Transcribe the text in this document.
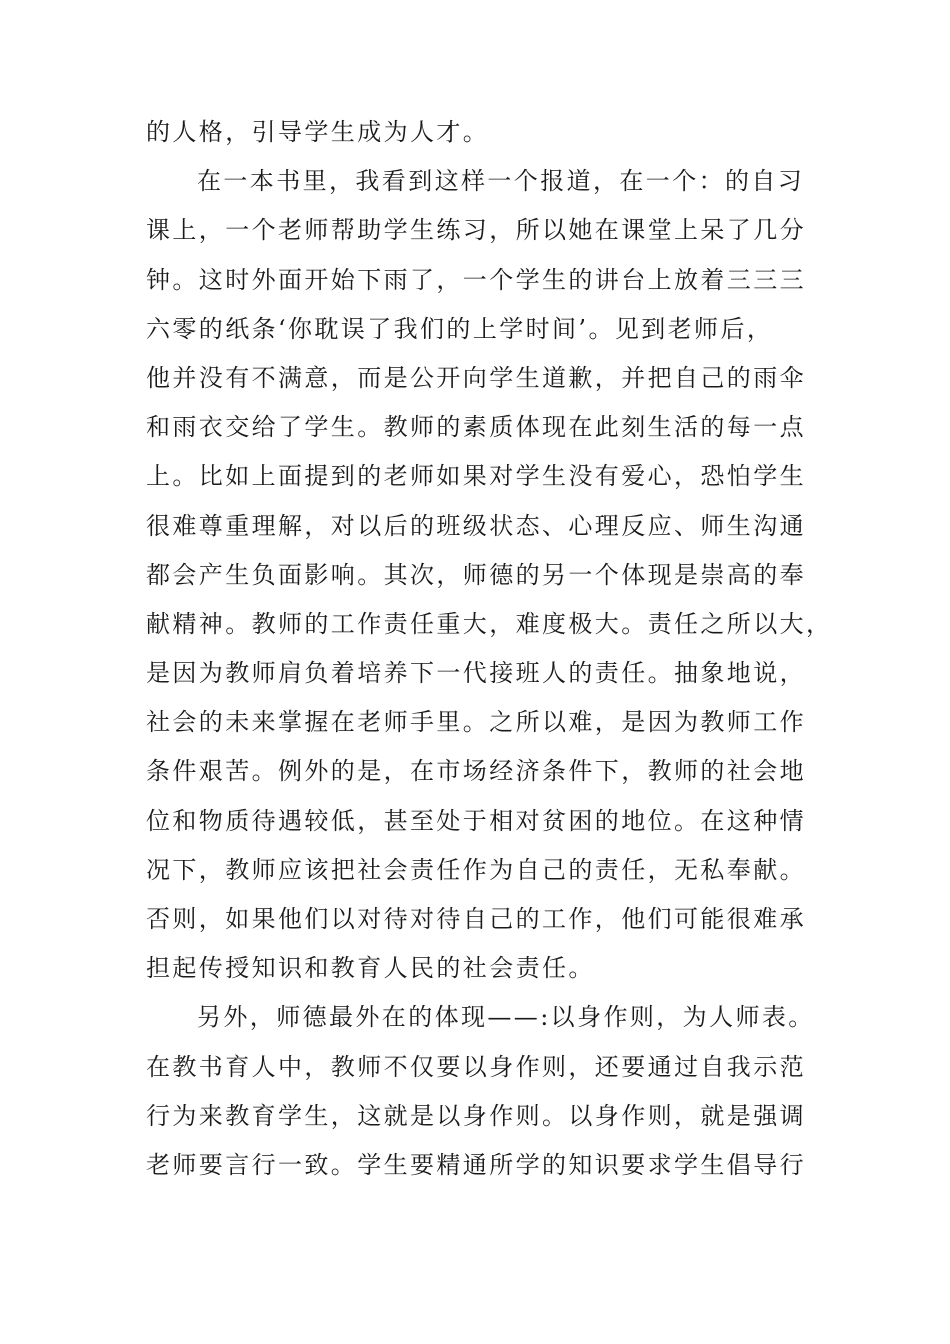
的人格，引导学生成为人才。
在一本书里，我看到这样一个报道，在一个：的自习
课上，一个老师帮助学生练习，所以她在课堂上呆了几分
钟。这时外面开始下雨了，一个学生的讲台上放着三三三
六零的纸条‘你耽误了我们的上学时间’。见到老师后，
他并没有不满意，而是公开向学生道歉，并把自己的雨伞
和雨衣交给了学生。教师的素质体现在此刻生活的每一点
上。比如上面提到的老师如果对学生没有爱心，恐怕学生
很难尊重理解，对以后的班级状态、心理反应、师生沟通
都会产生负面影响。其次，师德的另一个体现是崇高的奉
献精神。教师的工作责任重大，难度极大。责任之所以大，
是因为教师肩负着培养下一代接班人的责任。抽象地说，
社会的未来掌握在老师手里。之所以难，是因为教师工作
条件艰苦。例外的是，在市场经济条件下，教师的社会地
位和物质待遇较低，甚至处于相对贫困的地位。在这种情
况下，教师应该把社会责任作为自己的责任，无私奉献。
否则，如果他们以对待对待自己的工作，他们可能很难承
担起传授知识和教育人民的社会责任。
另外，师德最外在的体现——:以身作则，为人师表。
在教书育人中，教师不仅要以身作则，还要通过自我示范
行为来教育学生，这就是以身作则。以身作则，就是强调
老师要言行一致。学生要精通所学的知识要求学生倡导行
